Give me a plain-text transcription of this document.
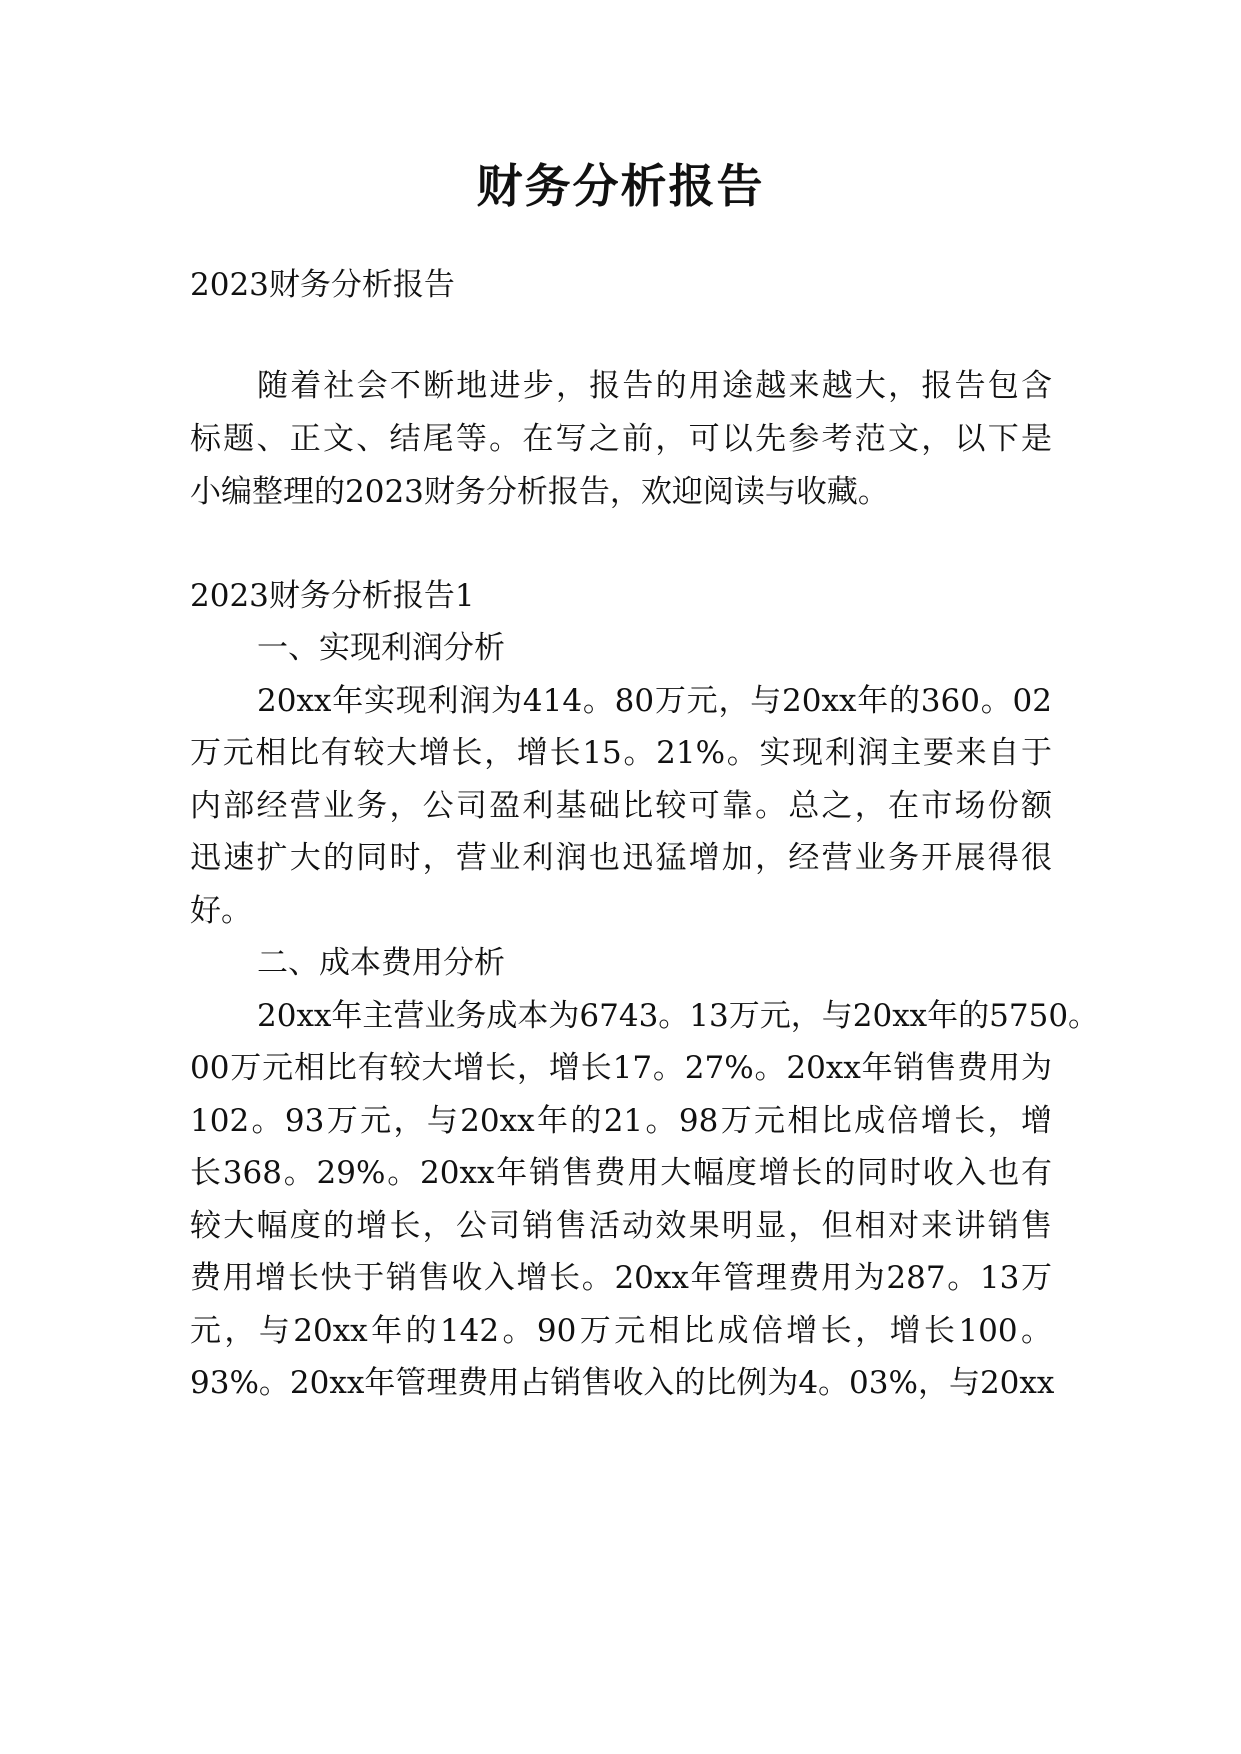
财务分析报告
2023财务分析报告
随着社会不断地进步，报告的用途越来越大，报告包含
标题、正文、结尾等。在写之前，可以先参考范文，以下是
小编整理的2023财务分析报告，欢迎阅读与收藏。
2023财务分析报告1
一、实现利润分析
20xx年实现利润为414。80万元，与20xx年的360。02
万元相比有较大增长，增长15。21%。实现利润主要来自于
内部经营业务，公司盈利基础比较可靠。总之，在市场份额
迅速扩大的同时，营业利润也迅猛增加，经营业务开展得很
好。
二、成本费用分析
20xx年主营业务成本为6743。13万元，与20xx年的5750。
00万元相比有较大增长，增长17。27%。20xx年销售费用为
102。93万元，与20xx年的21。98万元相比成倍增长，增
长368。29%。20xx年销售费用大幅度增长的同时收入也有
较大幅度的增长，公司销售活动效果明显，但相对来讲销售
费用增长快于销售收入增长。20xx年管理费用为287。13万
元，与20xx年的142。90万元相比成倍增长，增长100。
93%。20xx年管理费用占销售收入的比例为4。03%，与20xx
